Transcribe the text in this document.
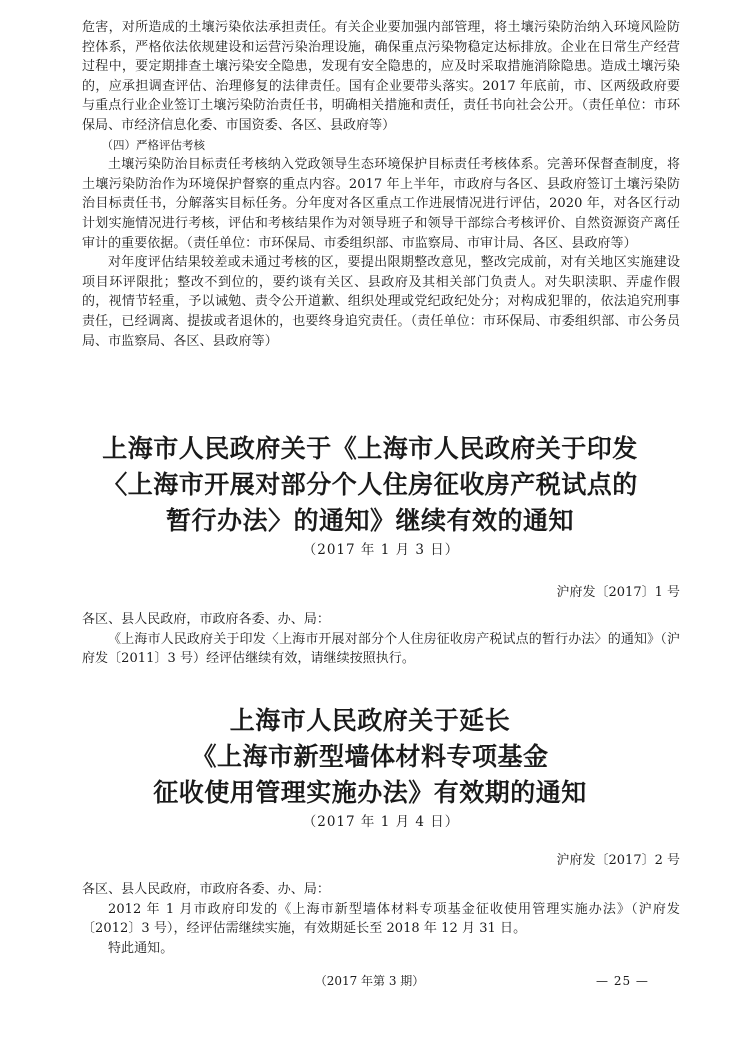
危害，对所造成的土壤污染依法承担责任。有关企业要加强内部管理，将土壤污染防治纳入环境风险防控体系，严格依法依规建设和运营污染治理设施，确保重点污染物稳定达标排放。企业在日常生产经营过程中，要定期排查土壤污染安全隐患，发现有安全隐患的，应及时采取措施消除隐患。造成土壤污染的，应承担调查评估、治理修复的法律责任。国有企业要带头落实。2017 年底前，市、区两级政府要与重点行业企业签订土壤污染防治责任书，明确相关措施和责任，责任书向社会公开。（责任单位：市环保局、市经济信息化委、市国资委、各区、县政府等）

（四）严格评估考核

土壤污染防治目标责任考核纳入党政领导生态环境保护目标责任考核体系。完善环保督查制度，将土壤污染防治作为环境保护督察的重点内容。2017 年上半年，市政府与各区、县政府签订土壤污染防治目标责任书，分解落实目标任务。分年度对各区重点工作进展情况进行评估，2020 年，对各区行动计划实施情况进行考核，评估和考核结果作为对领导班子和领导干部综合考核评价、自然资源资产离任审计的重要依据。（责任单位：市环保局、市委组织部、市监察局、市审计局、各区、县政府等）

对年度评估结果较差或未通过考核的区，要提出限期整改意见，整改完成前，对有关地区实施建设项目环评限批；整改不到位的，要约谈有关区、县政府及其相关部门负责人。对失职渎职、弄虚作假的，视情节轻重，予以诫勉、责令公开道歉、组织处理或党纪政纪处分；对构成犯罪的，依法追究刑事责任，已经调离、提拔或者退休的，也要终身追究责任。（责任单位：市环保局、市委组织部、市公务员局、市监察局、各区、县政府等）

上海市人民政府关于《上海市人民政府关于印发
〈上海市开展对部分个人住房征收房产税试点的
暂行办法〉的通知》继续有效的通知
（2017 年 1 月 3 日）
沪府发〔2017〕1 号

各区、县人民政府，市政府各委、办、局：

《上海市人民政府关于印发〈上海市开展对部分个人住房征收房产税试点的暂行办法〉的通知》（沪府发〔2011〕3 号）经评估继续有效，请继续按照执行。

上海市人民政府关于延长
《上海市新型墙体材料专项基金
征收使用管理实施办法》有效期的通知
（2017 年 1 月 4 日）
沪府发〔2017〕2 号

各区、县人民政府，市政府各委、办、局：

2012 年 1 月市政府印发的《上海市新型墙体材料专项基金征收使用管理实施办法》（沪府发〔2012〕3 号），经评估需继续实施，有效期延长至 2018 年 12 月 31 日。

特此通知。

（2017 年第 3 期）	— 25 —
